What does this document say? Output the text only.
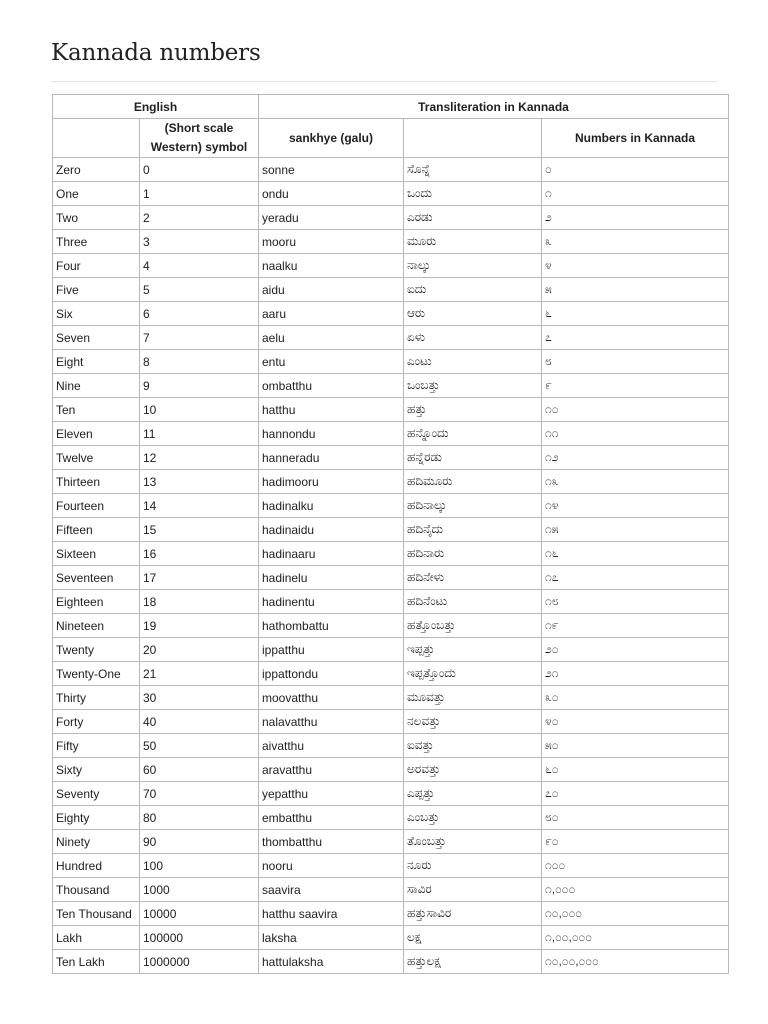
Kannada numbers
English		Transliteration in Kannada		
	(Short scale Western) symbol	sankhye (galu)		Numbers in Kannada
Zero	0	sonne	ಸೊನ್ನೆ	೦
One	1	ondu	ಒಂದು	೧
Two	2	yeradu	ಎರಡು	೨
Three	3	mooru	ಮೂರು	೩
Four	4	naalku	ನಾಲ್ಕು	೪
Five	5	aidu	ಐದು	೫
Six	6	aaru	ಆರು	೬
Seven	7	aelu	ಏಳು	೭
Eight	8	entu	ಎಂಟು	೮
Nine	9	ombatthu	ಒಂಬತ್ತು	೯
Ten	10	hatthu	ಹತ್ತು	೧೦
Eleven	11	hannondu	ಹನ್ನೊಂದು	೧೧
Twelve	12	hanneradu	ಹನ್ನೆರಡು	೧೨
Thirteen	13	hadimooru	ಹದಿಮೂರು	೧೩
Fourteen	14	hadinalku	ಹದಿನಾಲ್ಕು	೧೪
Fifteen	15	hadinaidu	ಹದಿನೈದು	೧೫
Sixteen	16	hadinaaru	ಹದಿನಾರು	೧೬
Seventeen	17	hadinelu	ಹದಿನೇಳು	೧೭
Eighteen	18	hadinentu	ಹದಿನೆಂಟು	೧೮
Nineteen	19	hathombattu	ಹತ್ತೊಂಬತ್ತು	೧೯
Twenty	20	ippatthu	ಇಪ್ಪತ್ತು	೨೦
Twenty-One	21	ippattondu	ಇಪ್ಪತ್ತೊಂದು	೨೧
Thirty	30	moovatthu	ಮೂವತ್ತು	೩೦
Forty	40	nalavatthu	ನಲವತ್ತು	೪೦
Fifty	50	aivatthu	ಐವತ್ತು	೫೦
Sixty	60	aravatthu	ಅರವತ್ತು	೬೦
Seventy	70	yepatthu	ಎಪ್ಪತ್ತು	೭೦
Eighty	80	embatthu	ಎಂಬತ್ತು	೮೦
Ninety	90	thombatthu	ತೊಂಬತ್ತು	೯೦
Hundred	100	nooru	ನೂರು	೧೦೦
Thousand	1000	saavira	ಸಾವಿರ	೧,೦೦೦
Ten Thousand	10000	hatthu saavira	ಹತ್ತುಸಾವಿರ	೧೦,೦೦೦
Lakh	100000	laksha	ಲಕ್ಷ	೧,೦೦,೦೦೦
Ten Lakh	1000000	hattulaksha	ಹತ್ತುಲಕ್ಷ	೧೦,೦೦,೦೦೦
